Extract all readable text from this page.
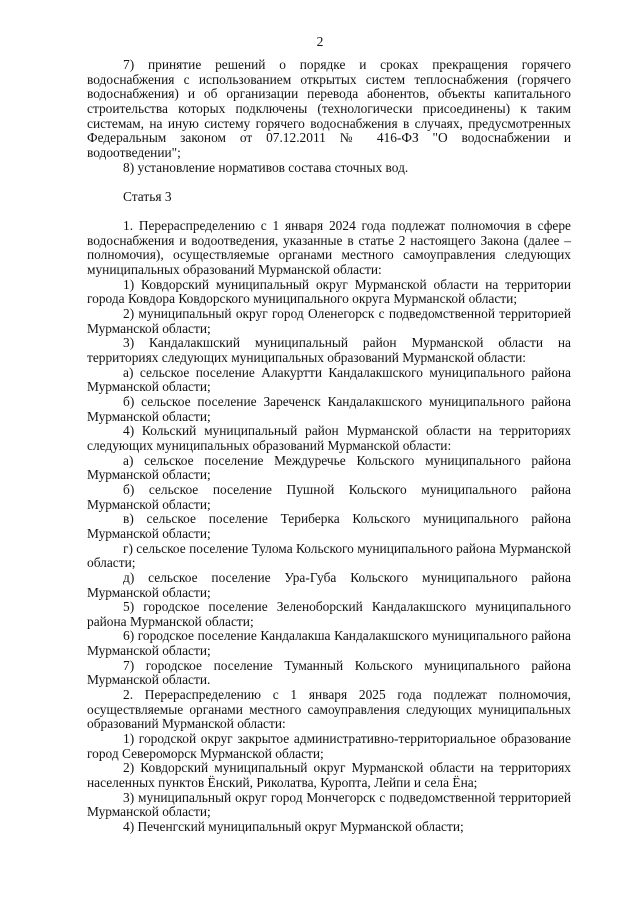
2

7) принятие решений о порядке и сроках прекращения горячего водоснабжения с использованием открытых систем теплоснабжения (горячего водоснабжения) и об организации перевода абонентов, объекты капитального строительства которых подключены (технологически присоединены) к таким системам, на иную систему горячего водоснабжения в случаях, предусмотренных Федеральным законом от 07.12.2011 № 416-ФЗ "О водоснабжении и водоотведении";

8) установление нормативов состава сточных вод.

Статья 3

1. Перераспределению с 1 января 2024 года подлежат полномочия в сфере водоснабжения и водоотведения, указанные в статье 2 настоящего Закона (далее – полномочия), осуществляемые органами местного самоуправления следующих муниципальных образований Мурманской области:

1) Ковдорский муниципальный округ Мурманской области на территории города Ковдора Ковдорского муниципального округа Мурманской области;

2) муниципальный округ город Оленегорск с подведомственной территорией Мурманской области;

3) Кандалакшский муниципальный район Мурманской области на территориях следующих муниципальных образований Мурманской области:

а) сельское поселение Алакуртти Кандалакшского муниципального района Мурманской области;

б) сельское поселение Зареченск Кандалакшского муниципального района Мурманской области;

4) Кольский муниципальный район Мурманской области на территориях следующих муниципальных образований Мурманской области:

а) сельское поселение Междуречье Кольского муниципального района Мурманской области;

б) сельское поселение Пушной Кольского муниципального района Мурманской области;

в) сельское поселение Териберка Кольского муниципального района Мурманской области;

г) сельское поселение Тулома Кольского муниципального района Мурманской области;

д) сельское поселение Ура-Губа Кольского муниципального района Мурманской области;

5) городское поселение Зеленоборский Кандалакшского муниципального района Мурманской области;

6) городское поселение Кандалакша Кандалакшского муниципального района Мурманской области;

7) городское поселение Туманный Кольского муниципального района Мурманской области.

2. Перераспределению с 1 января 2025 года подлежат полномочия, осуществляемые органами местного самоуправления следующих муниципальных образований Мурманской области:

1) городской округ закрытое административно-территориальное образование город Североморск Мурманской области;

2) Ковдорский муниципальный округ Мурманской области на территориях населенных пунктов Ёнский, Риколатва, Куропта, Лейпи и села Ёна;

3) муниципальный округ город Мончегорск с подведомственной территорией Мурманской области;

4) Печенгский муниципальный округ Мурманской области;
